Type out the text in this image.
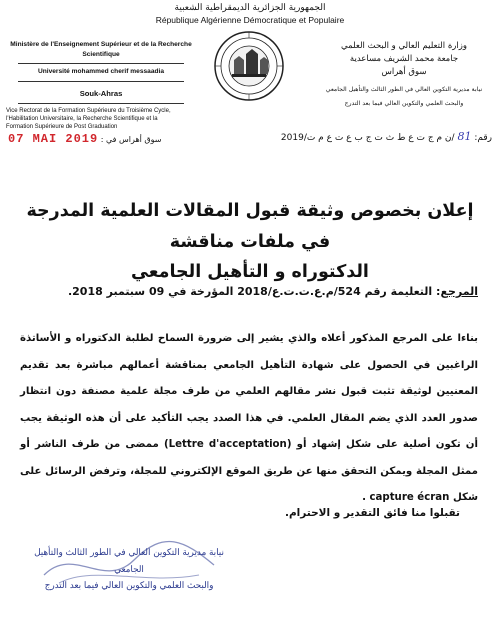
الجمهورية الجزائرية الديمقراطية الشعبية
République Algérienne Démocratique et Populaire
Ministère de l'Enseignement Supérieur et de la Recherche Scientifique
Université mohammed cherif messaadia
Souk-Ahras
Vice Rectorat de la Formation Supérieure du Troisième Cycle,
l'Habilitation Universitaire, la Recherche Scientifique et la
Formation Supérieure de Post Graduation
وزارة التعليم العالي و البحث العلمي
جامعة محمد الشريف مساعدية
سوق أهراس
نيابة مديرية التكوين العالي في الطور الثالث والتأهيل الجامعي
والبحث العلمي والتكوين العالي فيما بعد التدرج
رقم: 81 /ن م ج ت ع ط ث ت ج ب ع ت ع م ت/2019
سوق أهراس في : 07 MAI 2019
إعلان بخصوص وثيقة قبول المقالات العلمية المدرجة في ملفات مناقشة
الدكتوراه و التأهيل الجامعي
المرجع: التعليمة رقم 524/م.ع.ت.ت.ع/2018 المؤرخة في 09 سبتمبر 2018.
بناءا على المرجع المذكور أعلاه والذي يشير إلى ضرورة السماح لطلبة الدكتوراه و الأساتذة الراغبين في الحصول على شهادة التأهيل الجامعي بمناقشة أعمالهم مباشرة بعد تقديم المعنيين لوثيقة تثبت قبول نشر مقالهم العلمي من طرف مجلة علمية مصنفة دون انتظار صدور العدد الذي يضم المقال العلمي. في هذا الصدد يجب التأكيد على أن هذه الوثيقة يجب أن تكون أصلية على شكل إشهاد أو (Lettre d'acceptation) ممضى من طرف الناشر أو ممثل المجلة ويمكن التحقق منها عن طريق الموقع الإلكتروني للمجلة، وترفض الرسائل على شكل capture écran .
تقبلوا منا فائق التقدير و الاحترام.
نيابة مديرية التكوين العالي في الطور الثالث والتأهيل الجامعي
والبحث العلمي والتكوين العالي فيما بعد التدرج
